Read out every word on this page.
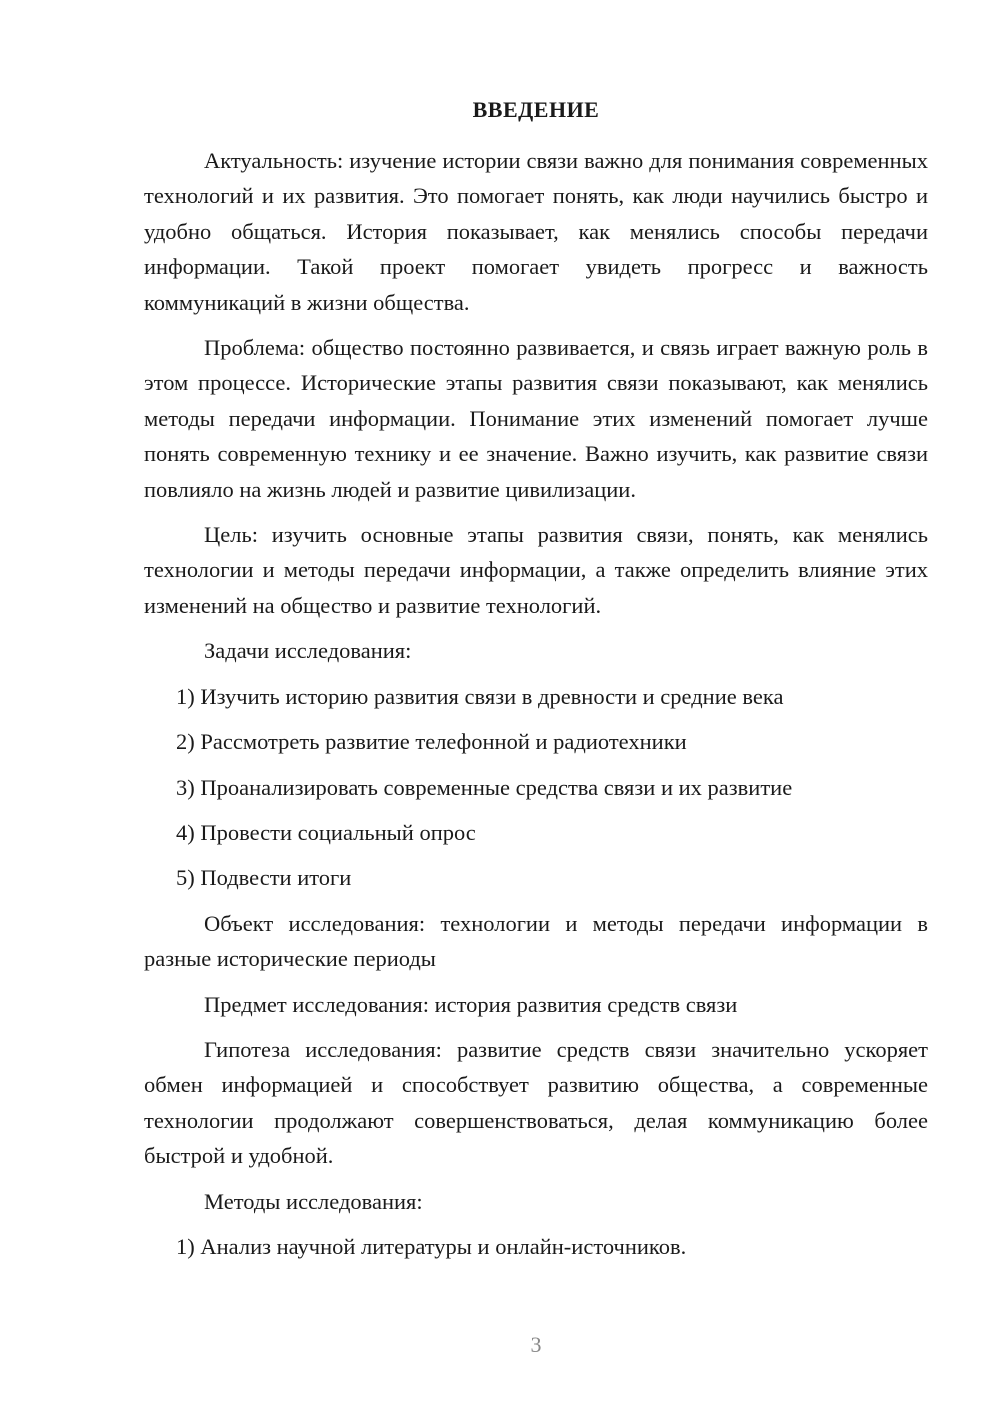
ВВЕДЕНИЕ

Актуальность: изучение истории связи важно для понимания современных технологий и их развития. Это помогает понять, как люди научились быстро и удобно общаться. История показывает, как менялись способы передачи информации. Такой проект помогает увидеть прогресс и важность коммуникаций в жизни общества.

Проблема: общество постоянно развивается, и связь играет важную роль в этом процессе. Исторические этапы развития связи показывают, как менялись методы передачи информации. Понимание этих изменений помогает лучше понять современную технику и ее значение. Важно изучить, как развитие связи повлияло на жизнь людей и развитие цивилизации.

Цель: изучить основные этапы развития связи, понять, как менялись технологии и методы передачи информации, а также определить влияние этих изменений на общество и развитие технологий.

Задачи исследования:

1) Изучить историю развития связи в древности и средние века
2) Рассмотреть развитие телефонной и радиотехники
3) Проанализировать современные средства связи и их развитие
4) Провести социальный опрос
5) Подвести итоги

Объект исследования: технологии и методы передачи информации в разные исторические периоды

Предмет исследования: история развития средств связи

Гипотеза исследования: развитие средств связи значительно ускоряет обмен информацией и способствует развитию общества, а современные технологии продолжают совершенствоваться, делая коммуникацию более быстрой и удобной.

Методы исследования:

1) Анализ научной литературы и онлайн-источников.
3
